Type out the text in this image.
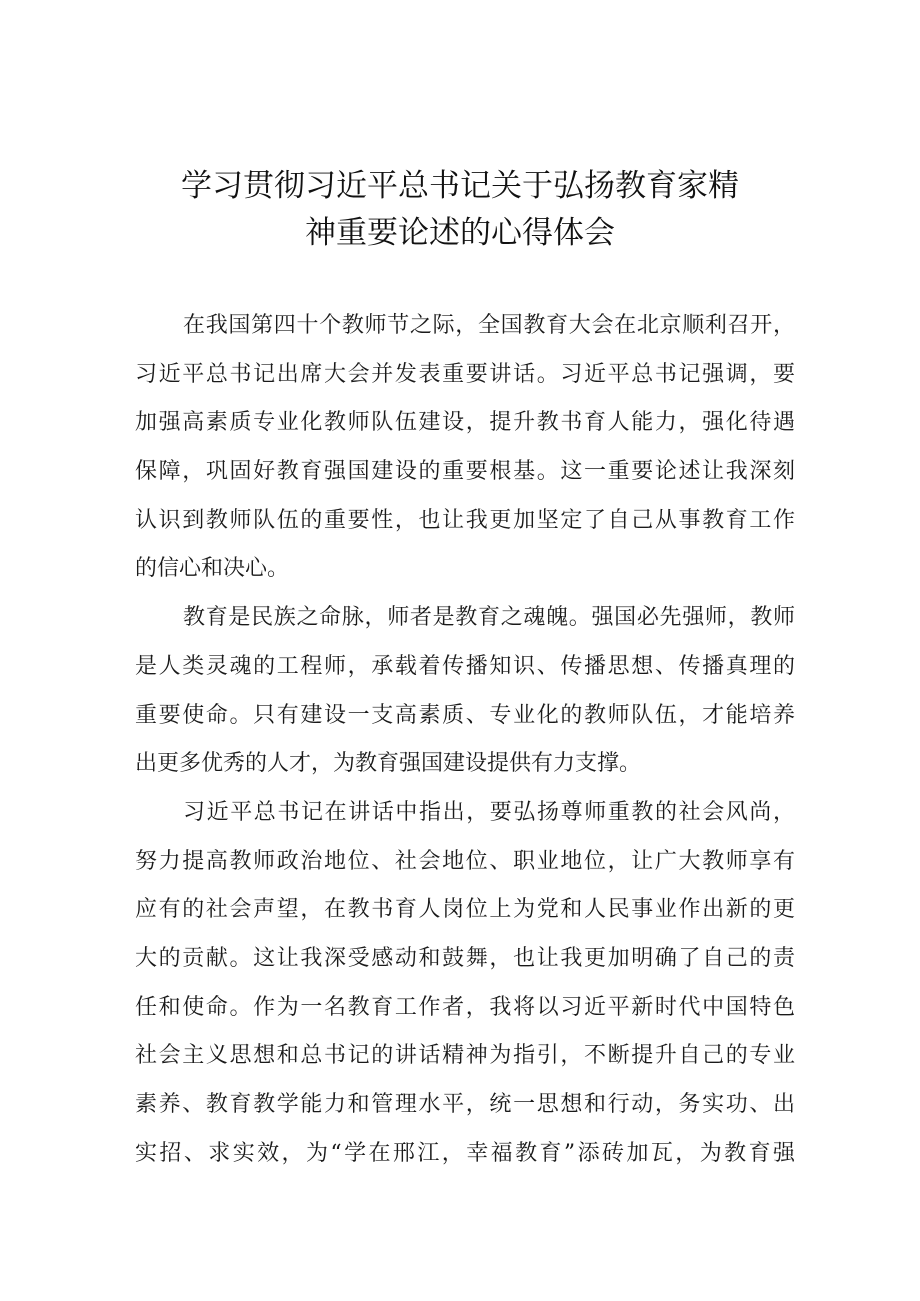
学习贯彻习近平总书记关于弘扬教育家精
神重要论述的心得体会
在我国第四十个教师节之际，全国教育大会在北京顺利召开，
习近平总书记出席大会并发表重要讲话。习近平总书记强调，要
加强高素质专业化教师队伍建设，提升教书育人能力，强化待遇
保障，巩固好教育强国建设的重要根基。这一重要论述让我深刻
认识到教师队伍的重要性，也让我更加坚定了自己从事教育工作
的信心和决心。
教育是民族之命脉，师者是教育之魂魄。强国必先强师，教师
是人类灵魂的工程师，承载着传播知识、传播思想、传播真理的
重要使命。只有建设一支高素质、专业化的教师队伍，才能培养
出更多优秀的人才，为教育强国建设提供有力支撑。
习近平总书记在讲话中指出，要弘扬尊师重教的社会风尚，
努力提高教师政治地位、社会地位、职业地位，让广大教师享有
应有的社会声望，在教书育人岗位上为党和人民事业作出新的更
大的贡献。这让我深受感动和鼓舞，也让我更加明确了自己的责
任和使命。作为一名教育工作者，我将以习近平新时代中国特色
社会主义思想和总书记的讲话精神为指引，不断提升自己的专业
素养、教育教学能力和管理水平，统一思想和行动，务实功、出
实招、求实效，为“学在邢江，幸福教育”添砖加瓦，为教育强
